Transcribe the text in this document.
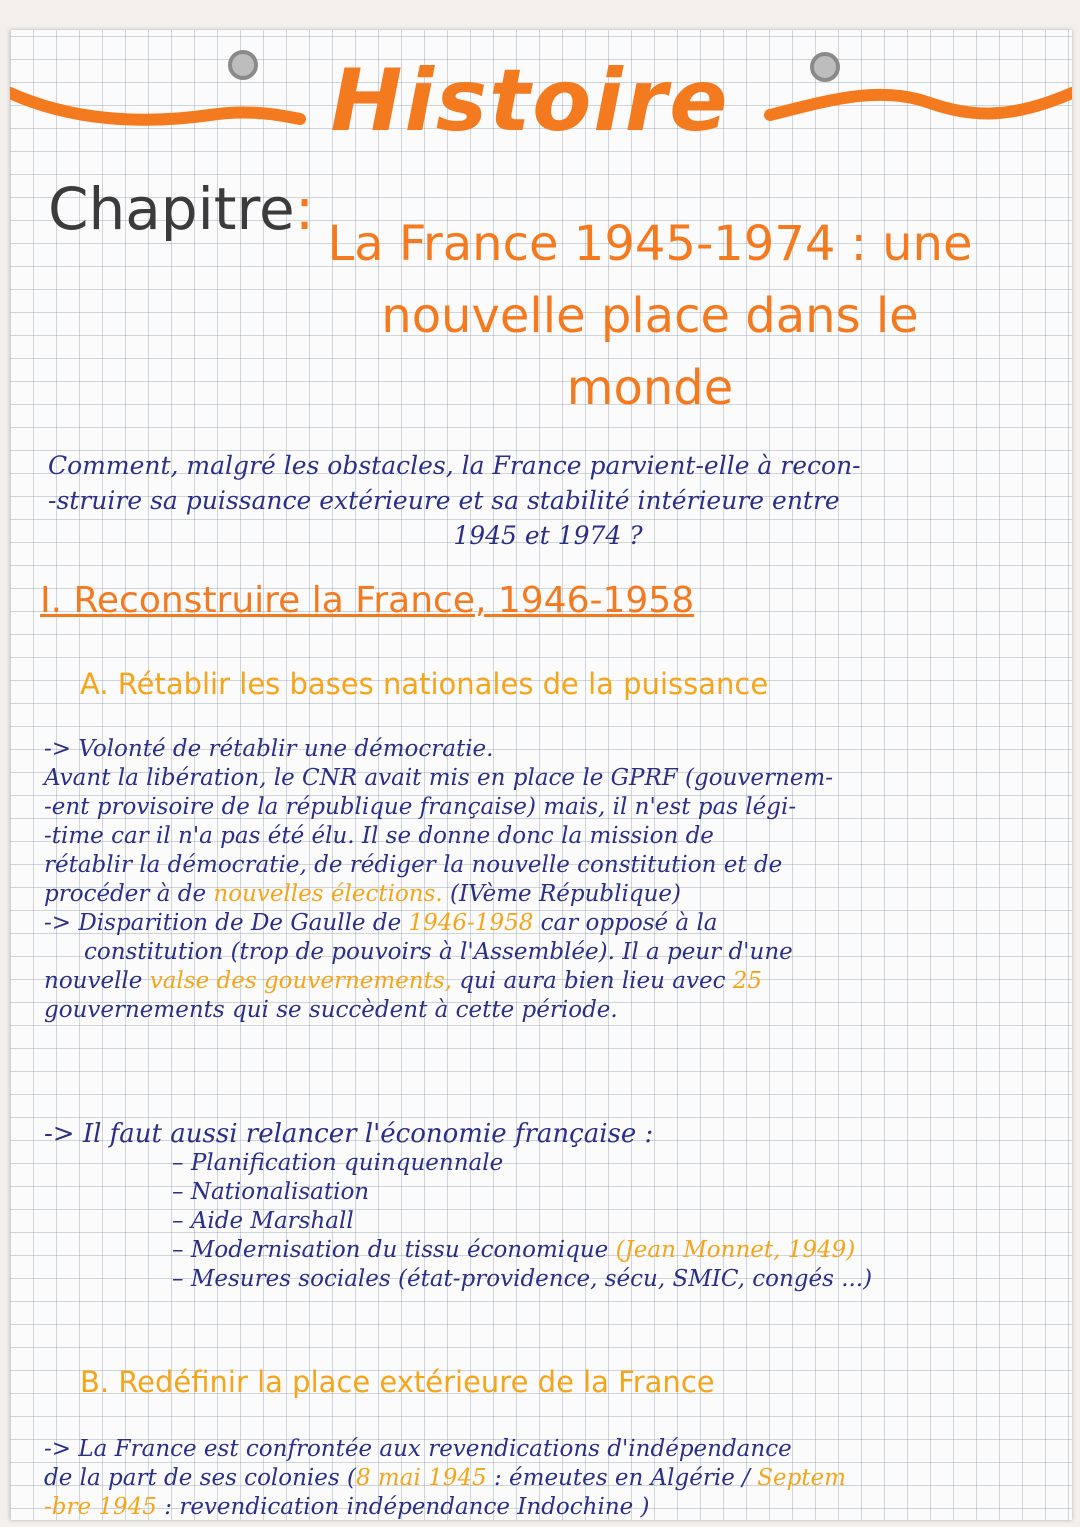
Histoire
Chapitre:
La France 1945-1974 : une
nouvelle place dans le
monde
Comment, malgré les obstacles, la France parvient-elle à recon-
-struire sa puissance extérieure et sa stabilité intérieure entre
1945 et 1974 ?
I. Reconstruire la France, 1946-1958
A. Rétablir les bases nationales de la puissance
-> Volonté de rétablir une démocratie.
Avant la libération, le CNR avait mis en place le GPRF (gouvernem-
-ent provisoire de la république française) mais, il n'est pas légi-
-time car il n'a pas été élu. Il se donne donc la mission de
rétablir la démocratie, de rédiger la nouvelle constitution et de
procéder à de nouvelles élections. (IVème République)
-> Disparition de De Gaulle de 1946-1958 car opposé à la
constitution (trop de pouvoirs à l'Assemblée). Il a peur d'une
nouvelle valse des gouvernements, qui aura bien lieu avec 25
gouvernements qui se succèdent à cette période.
-> Il faut aussi relancer l'économie française :
– Planification quinquennale
– Nationalisation
– Aide Marshall
– Modernisation du tissu économique (Jean Monnet, 1949)
– Mesures sociales (état-providence, sécu, SMIC, congés ...)
B. Redéfinir la place extérieure de la France
-> La France est confrontée aux revendications d'indépendance
de la part de ses colonies (8 mai 1945 : émeutes en Algérie / Septem
-bre 1945 : revendication indépendance Indochine )
